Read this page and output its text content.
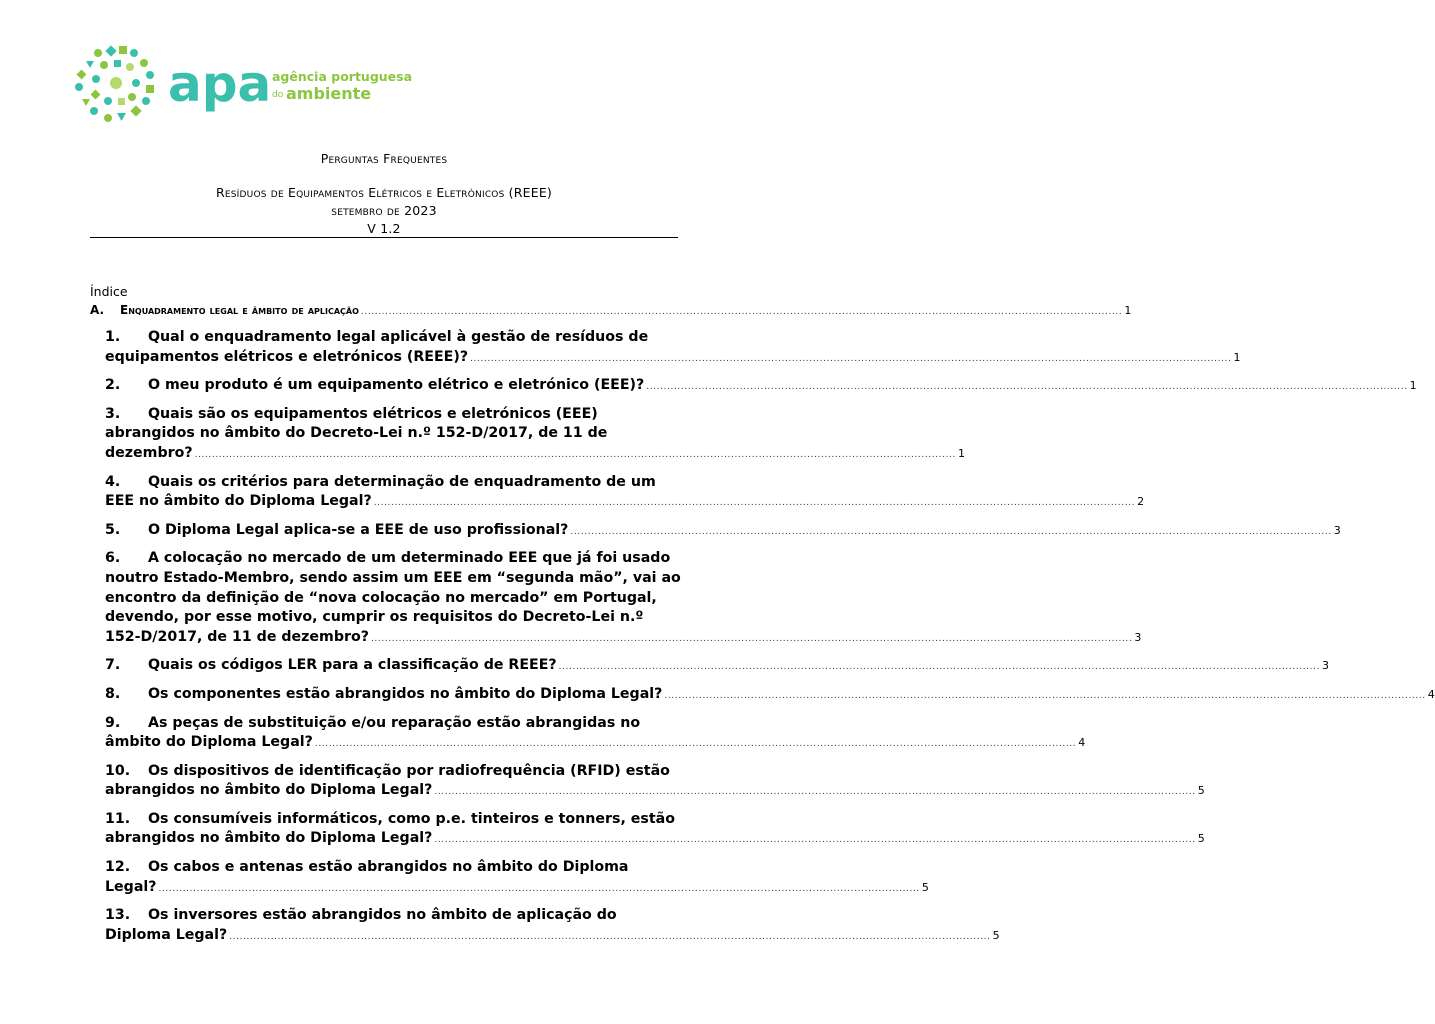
apa agência portuguesa
do ambiente
Perguntas Frequentes
Resíduos de Equipamentos Elétricos e Eletrónicos (REEE)
setembro de 2023
V 1.2
Índice
A.	Enquadramento legal e âmbito de aplicação .....	1
1. Qual o enquadramento legal aplicável à gestão de resíduos de
equipamentos elétricos e eletrónicos (REEE)? .....	1
2. O meu produto é um equipamento elétrico e eletrónico (EEE)? .....	1
3. Quais são os equipamentos elétricos e eletrónicos (EEE)
abrangidos no âmbito do Decreto-Lei n.º 152-D/2017, de 11 de
dezembro? .....	1
4. Quais os critérios para determinação de enquadramento de um
EEE no âmbito do Diploma Legal? .....	2
5. O Diploma Legal aplica-se a EEE de uso profissional? .....	3
6. A colocação no mercado de um determinado EEE que já foi usado
noutro Estado-Membro, sendo assim um EEE em “segunda mão”, vai ao
encontro da definição de “nova colocação no mercado” em Portugal,
devendo, por esse motivo, cumprir os requisitos do Decreto-Lei n.º
152-D/2017, de 11 de dezembro? .....	3
7. Quais os códigos LER para a classificação de REEE? .....	3
8. Os componentes estão abrangidos no âmbito do Diploma Legal? .....	4
9. As peças de substituição e/ou reparação estão abrangidas no
âmbito do Diploma Legal? .....	4
10. Os dispositivos de identificação por radiofrequência (RFID) estão
abrangidos no âmbito do Diploma Legal? .....	5
11. Os consumíveis informáticos, como p.e. tinteiros e tonners, estão
abrangidos no âmbito do Diploma Legal? .....	5
12. Os cabos e antenas estão abrangidos no âmbito do Diploma
Legal? .....	5
13. Os inversores estão abrangidos no âmbito de aplicação do
Diploma Legal? .....	5
